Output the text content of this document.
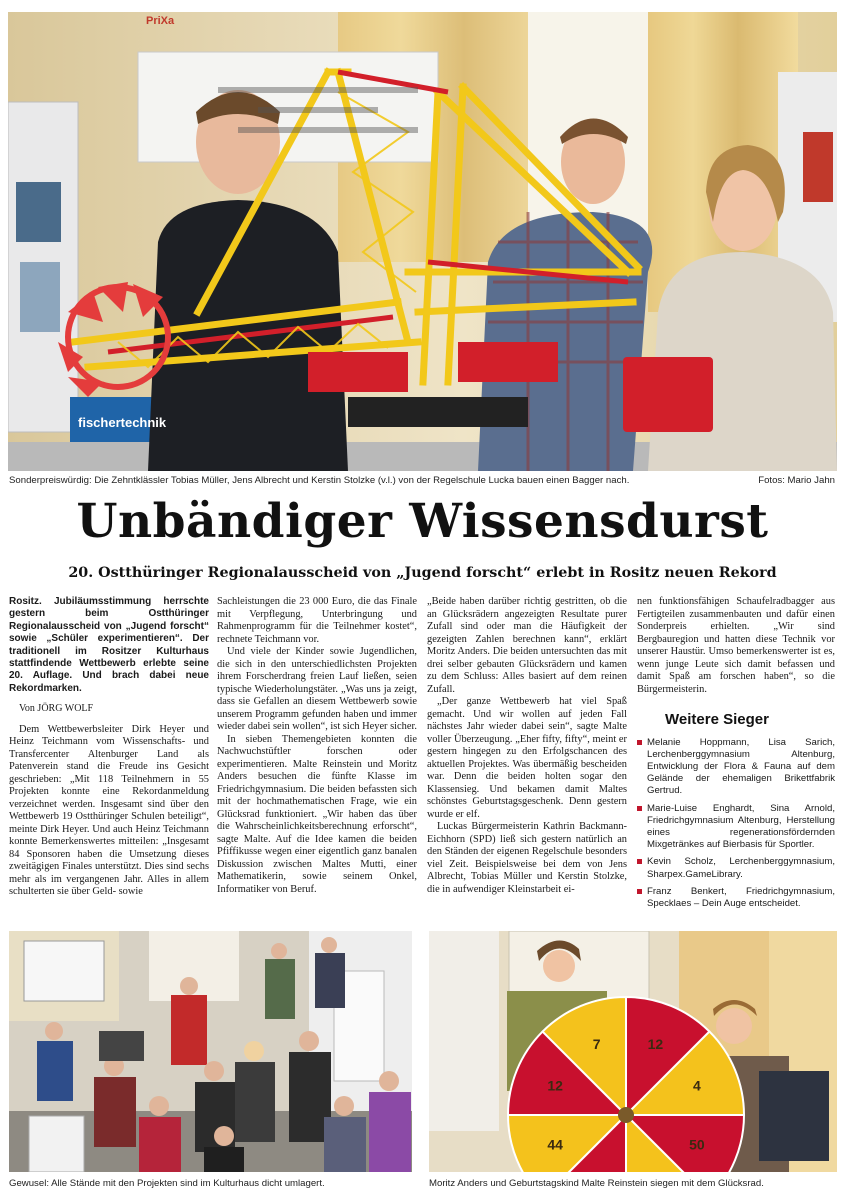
PriXa
fischertechnik
Sonderpreiswürdig: Die Zehntklässler Tobias Müller, Jens Albrecht und Kerstin Stolzke (v.l.) von der Regelschule Lucka bauen einen Bagger nach.	Fotos: Mario Jahn
Unbändiger Wissensdurst
20. Ostthüringer Regionalausscheid von „Jugend forscht“ erlebt in Rositz neuen Rekord

Rositz. Jubiläumsstimmung herrschte gestern beim Ostthüringer Regionalausscheid von „Jugend forscht“ sowie „Schüler experimentieren“. Der traditionell im Rositzer Kulturhaus stattfindende Wettbewerb erlebte seine 20. Auflage. Und brach dabei neue Rekordmarken.

Von JÖRG WOLF

Dem Wettbewerbsleiter Dirk Heyer und Heinz Teichmann vom Wissenschafts- und Transfercenter Altenburger Land als Patenverein stand die Freude ins Gesicht geschrieben: „Mit 118 Teilnehmern in 55 Projekten konnte eine Rekordanmeldung verzeichnet werden. Insgesamt sind über den Wettbewerb 19 Ostthüringer Schulen beteiligt“, meinte Dirk Heyer. Und auch Heinz Teichmann konnte Bemerkenswertes mitteilen: „Insgesamt 84 Sponsoren haben die Umsetzung dieses zweitägigen Finales unterstützt. Dies sind sechs mehr als im vergangenen Jahr. Alles in allem schulterten sie über Geld- sowie

Sachleistungen die 23 000 Euro, die das Finale mit Verpflegung, Unterbringung und Rahmenprogramm für die Teilnehmer kostet“, rechnete Teichmann vor.

Und viele der Kinder sowie Jugendlichen, die sich in den unterschiedlichsten Projekten ihrem Forscherdrang freien Lauf ließen, seien typische Wiederholungstäter. „Was uns ja zeigt, dass sie Gefallen an diesem Wettbewerb sowie unserem Programm gefunden haben und immer wieder dabei sein wollen“, ist sich Heyer sicher.

In sieben Themengebieten konnten die Nachwuchstüftler forschen oder experimentieren. Malte Reinstein und Moritz Anders besuchen die fünfte Klasse im Friedrichgymnasium. Die beiden befassten sich mit der hochmathematischen Frage, wie ein Glücksrad funktioniert. „Wir haben das über die Wahrscheinlichkeitsberechnung erforscht“, sagte Malte. Auf die Idee kamen die beiden Pfiffikusse wegen einer eigentlich ganz banalen Diskussion zwischen Maltes Mutti, einer Mathematikerin, sowie seinem Onkel, Informatiker von Beruf.

„Beide haben darüber richtig gestritten, ob die an Glücksrädern angezeigten Resultate purer Zufall sind oder man die Häufigkeit der gezeigten Zahlen berechnen kann“, erklärt Moritz Anders. Die beiden untersuchten das mit drei selber gebauten Glücksrädern und kamen zu dem Schluss: Alles basiert auf dem reinen Zufall.

„Der ganze Wettbewerb hat viel Spaß gemacht. Und wir wollen auf jeden Fall nächstes Jahr wieder dabei sein“, sagte Malte voller Überzeugung. „Eher fifty, fifty“, meint er gestern hingegen zu den Erfolgschancen des aktuellen Projektes. Was übermäßig bescheiden war. Denn die beiden holten sogar den Klassensieg. Und bekamen damit Maltes schönstes Geburtstagsgeschenk. Denn gestern wurde er elf.

Luckas Bürgermeisterin Kathrin Backmann-Eichhorn (SPD) ließ sich gestern natürlich an den Ständen der eigenen Regelschule besonders viel Zeit. Beispielsweise bei dem von Jens Albrecht, Tobias Müller und Kerstin Stolzke, die in aufwendiger Kleinstarbeit ei-

nen funktionsfähigen Schaufelradbagger aus Fertigteilen zusammenbauten und dafür einen Sonderpreis erhielten. „Wir sind Bergbauregion und hatten diese Technik vor unserer Haustür. Umso bemerkenswerter ist es, wenn junge Leute sich damit befassen und damit Spaß am forschen haben“, so die Bürgermeisterin.

Weitere Sieger
Melanie Hoppmann, Lisa Sarich, Lerchenberggymnasium Altenburg, Entwicklung der Flora & Fauna auf dem Gelände der ehemaligen Brikettfabrik Gertrud.
Marie-Luise Enghardt, Sina Arnold, Friedrichgymnasium Altenburg, Herstellung eines regenerationsfördernden Mixgetränkes auf Bierbasis für Sportler.
Kevin Scholz, Lerchenberggymnasium, Sharpex.GameLibrary.
Franz Benkert, Friedrichgymnasium, Specklaes – Dein Auge entscheidet.
Gewusel: Alle Stände mit den Projekten sind im Kulturhaus dicht umlagert.
12
4
50
44
12
7
Moritz Anders und Geburtstagskind Malte Reinstein siegen mit dem Glücksrad.
